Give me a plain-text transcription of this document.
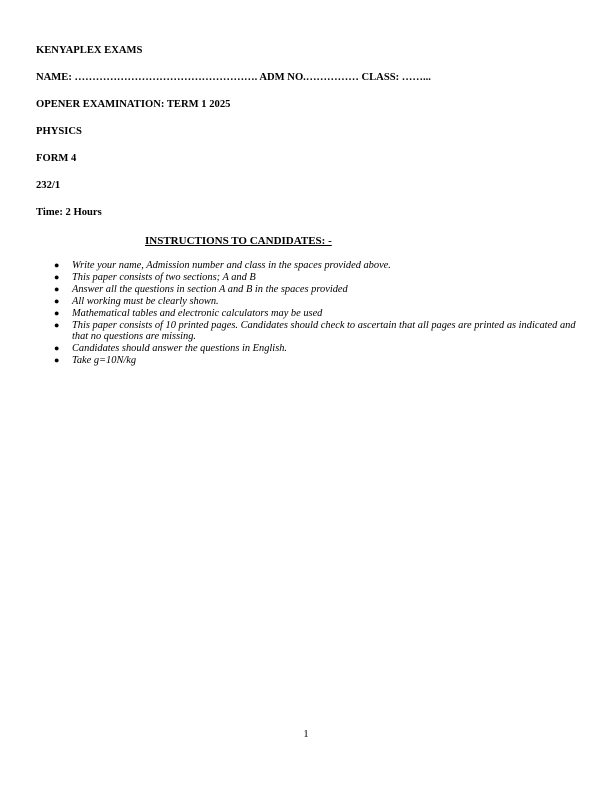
KENYAPLEX EXAMS
NAME: ……………………………………………. ADM NO.…………… CLASS: ……...
OPENER EXAMINATION: TERM 1 2025
PHYSICS
FORM 4
232/1
Time: 2 Hours
INSTRUCTIONS TO CANDIDATES: -
● Write your name, Admission number and class in the spaces provided above.
● This paper consists of two sections; A and B
● Answer all the questions in section A and B in the spaces provided
● All working must be clearly shown.
● Mathematical tables and electronic calculators may be used
● This paper consists of 10 printed pages. Candidates should check to ascertain that all pages are printed as indicated and that no questions are missing.
● Candidates should answer the questions in English.
● Take g=10N/kg
1
